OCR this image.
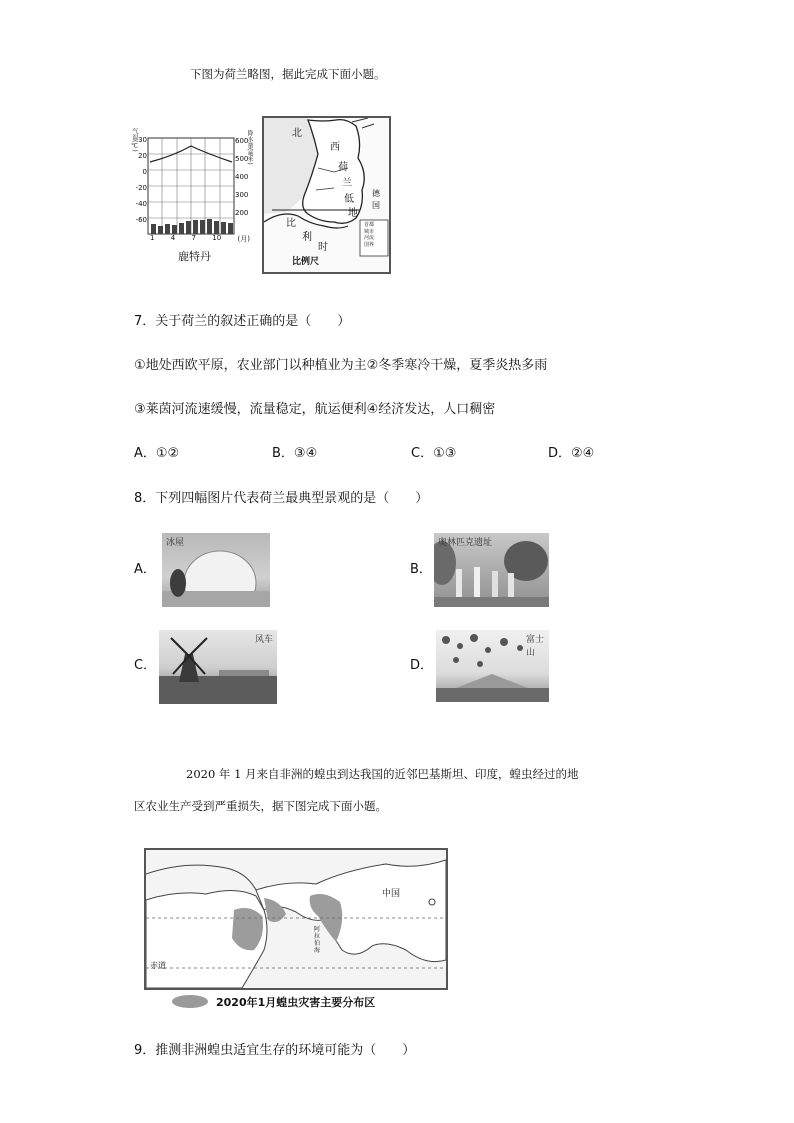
下图为荷兰略图，据此完成下面小题。
30
20
0
-20
-40
-60
气温(℃)	600
500
400
300
200
降水量(毫米)
1 4 7 10 (月)
鹿特丹
北
西
荷
兰
低
地
德
国
比
利
时
首都
城市
河流
国界
比例尺
7．关于荷兰的叙述正确的是（　　）
①地处西欧平原，农业部门以种植业为主②冬季寒冷干燥，夏季炎热多雨
③莱茵河流速缓慢，流量稳定，航运便利④经济发达，人口稠密
A．①②	B．③④	C．①③	D．②④
8．下列四幅图片代表荷兰最典型景观的是（　　）
A．
冰屋
B．
奥林匹克遗址
C．
风车
D．
富士山
2020 年 1 月来自非洲的蝗虫到达我国的近邻巴基斯坦、印度，蝗虫经过的地
区农业生产受到严重损失，据下图完成下面小题。
中国
阿拉伯海
赤道
2020年1月蝗虫灾害主要分布区
9．推测非洲蝗虫适宜生存的环境可能为（　　）
